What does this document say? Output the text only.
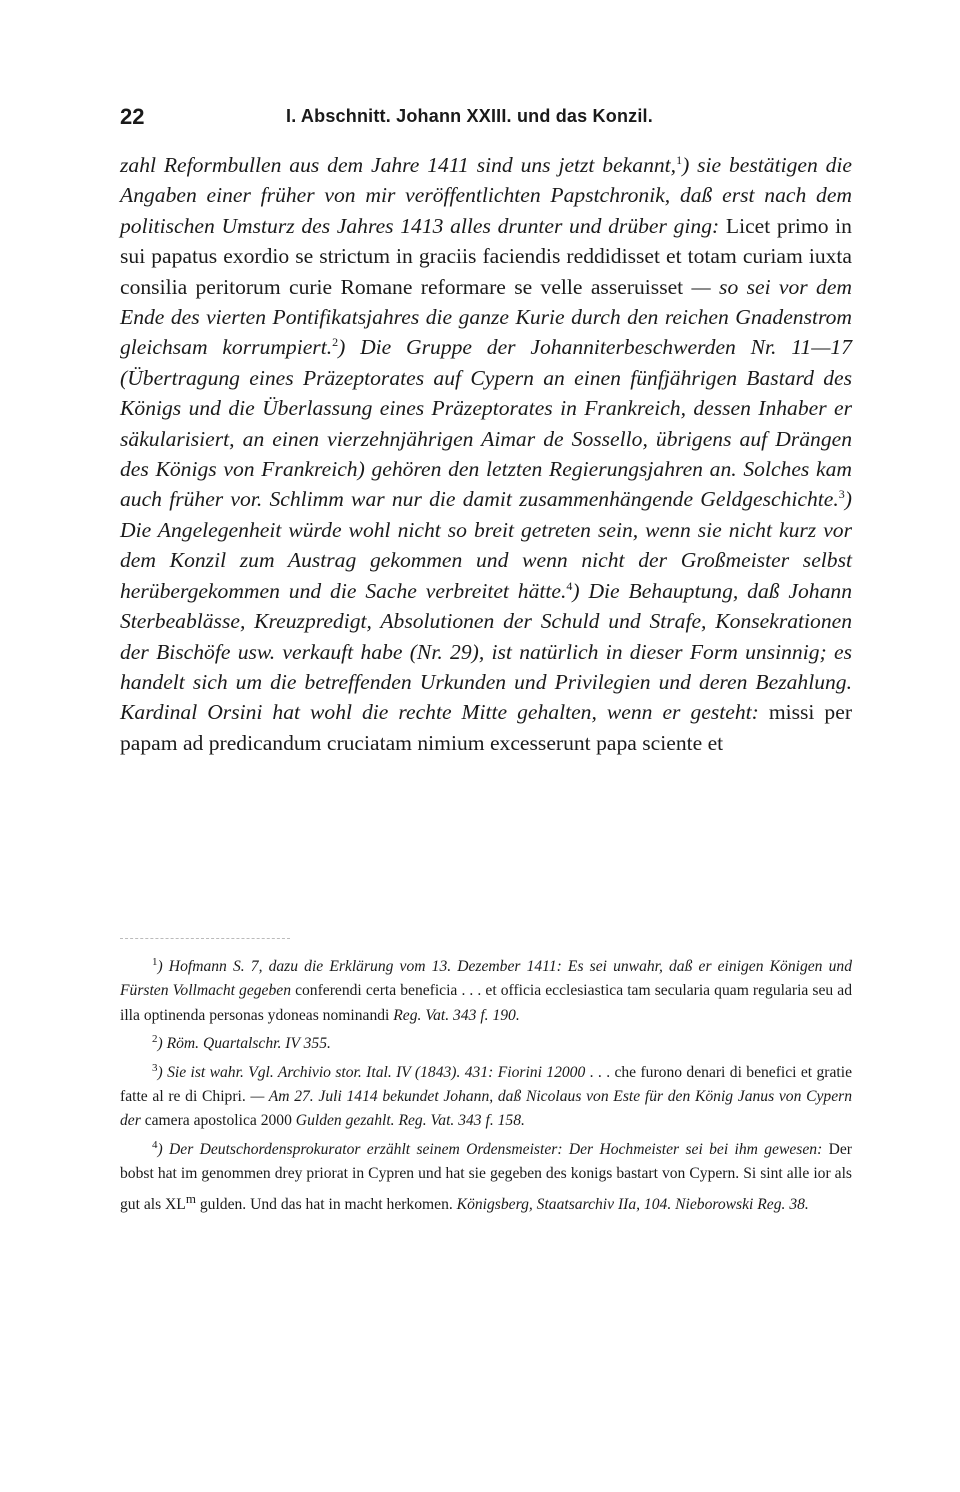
22	I. Abschnitt. Johann XXIII. und das Konzil.

zahl Reformbullen aus dem Jahre 1411 sind uns jetzt bekannt,$^1$) sie bestätigen die Angaben einer früher von mir veröffentlichten Papstchronik, daß erst nach dem politischen Umsturz des Jahres 1413 alles drunter und drüber ging: Licet primo in sui papatus exordio se strictum in graciis faciendis reddidisset et totam curiam iuxta consilia peritorum curie Romane reformare se velle asseruisset — so sei vor dem Ende des vierten Pontifikatsjahres die ganze Kurie durch den reichen Gnadenstrom gleichsam korrumpiert.$^2$) Die Gruppe der Johanniterbeschwerden Nr. 11—17 (Übertragung eines Präzeptorates auf Cypern an einen fünfjährigen Bastard des Königs und die Überlassung eines Präzeptorates in Frankreich, dessen Inhaber er säkularisiert, an einen vierzehnjährigen Aimar de Sossello, übrigens auf Drängen des Königs von Frankreich) gehören den letzten Regierungsjahren an. Solches kam auch früher vor. Schlimm war nur die damit zusammenhängende Geldgeschichte.$^3$) Die Angelegenheit würde wohl nicht so breit getreten sein, wenn sie nicht kurz vor dem Konzil zum Austrag gekommen und wenn nicht der Großmeister selbst herübergekommen und die Sache verbreitet hätte.$^4$) Die Behauptung, daß Johann Sterbeablässe, Kreuzpredigt, Absolutionen der Schuld und Strafe, Konsekrationen der Bischöfe usw. verkauft habe (Nr. 29), ist natürlich in dieser Form unsinnig; es handelt sich um die betreffenden Urkunden und Privilegien und deren Bezahlung. Kardinal Orsini hat wohl die rechte Mitte gehalten, wenn er gesteht: missi per papam ad predicandum cruciatam nimium excesserunt papa sciente et

$^1$) Hofmann S. 7, dazu die Erklärung vom 13. Dezember 1411: Es sei unwahr, daß er einigen Königen und Fürsten Vollmacht gegeben conferendi certa beneficia . . . et officia ecclesiastica tam secularia quam regularia seu ad illa optinenda personas ydoneas nominandi Reg. Vat. 343 f. 190.

$^2$) Röm. Quartalschr. IV 355.

$^3$) Sie ist wahr. Vgl. Archivio stor. Ital. IV (1843). 431: Fiorini 12000 . . . che furono denari di benefici et gratie fatte al re di Chipri. — Am 27. Juli 1414 bekundet Johann, daß Nicolaus von Este für den König Janus von Cypern der camera apostolica 2000 Gulden gezahlt. Reg. Vat. 343 f. 158.

$^4$) Der Deutschordensprokurator erzählt seinem Ordensmeister: Der Hochmeister sei bei ihm gewesen: Der bobst hat im genommen drey priorat in Cypren und hat sie gegeben des konigs bastart von Cypern. Si sint alle ior als gut als $XL^m$ gulden. Und das hat in macht herkomen. Königsberg, Staatsarchiv IIa, 104. Nieborowski Reg. 38.
